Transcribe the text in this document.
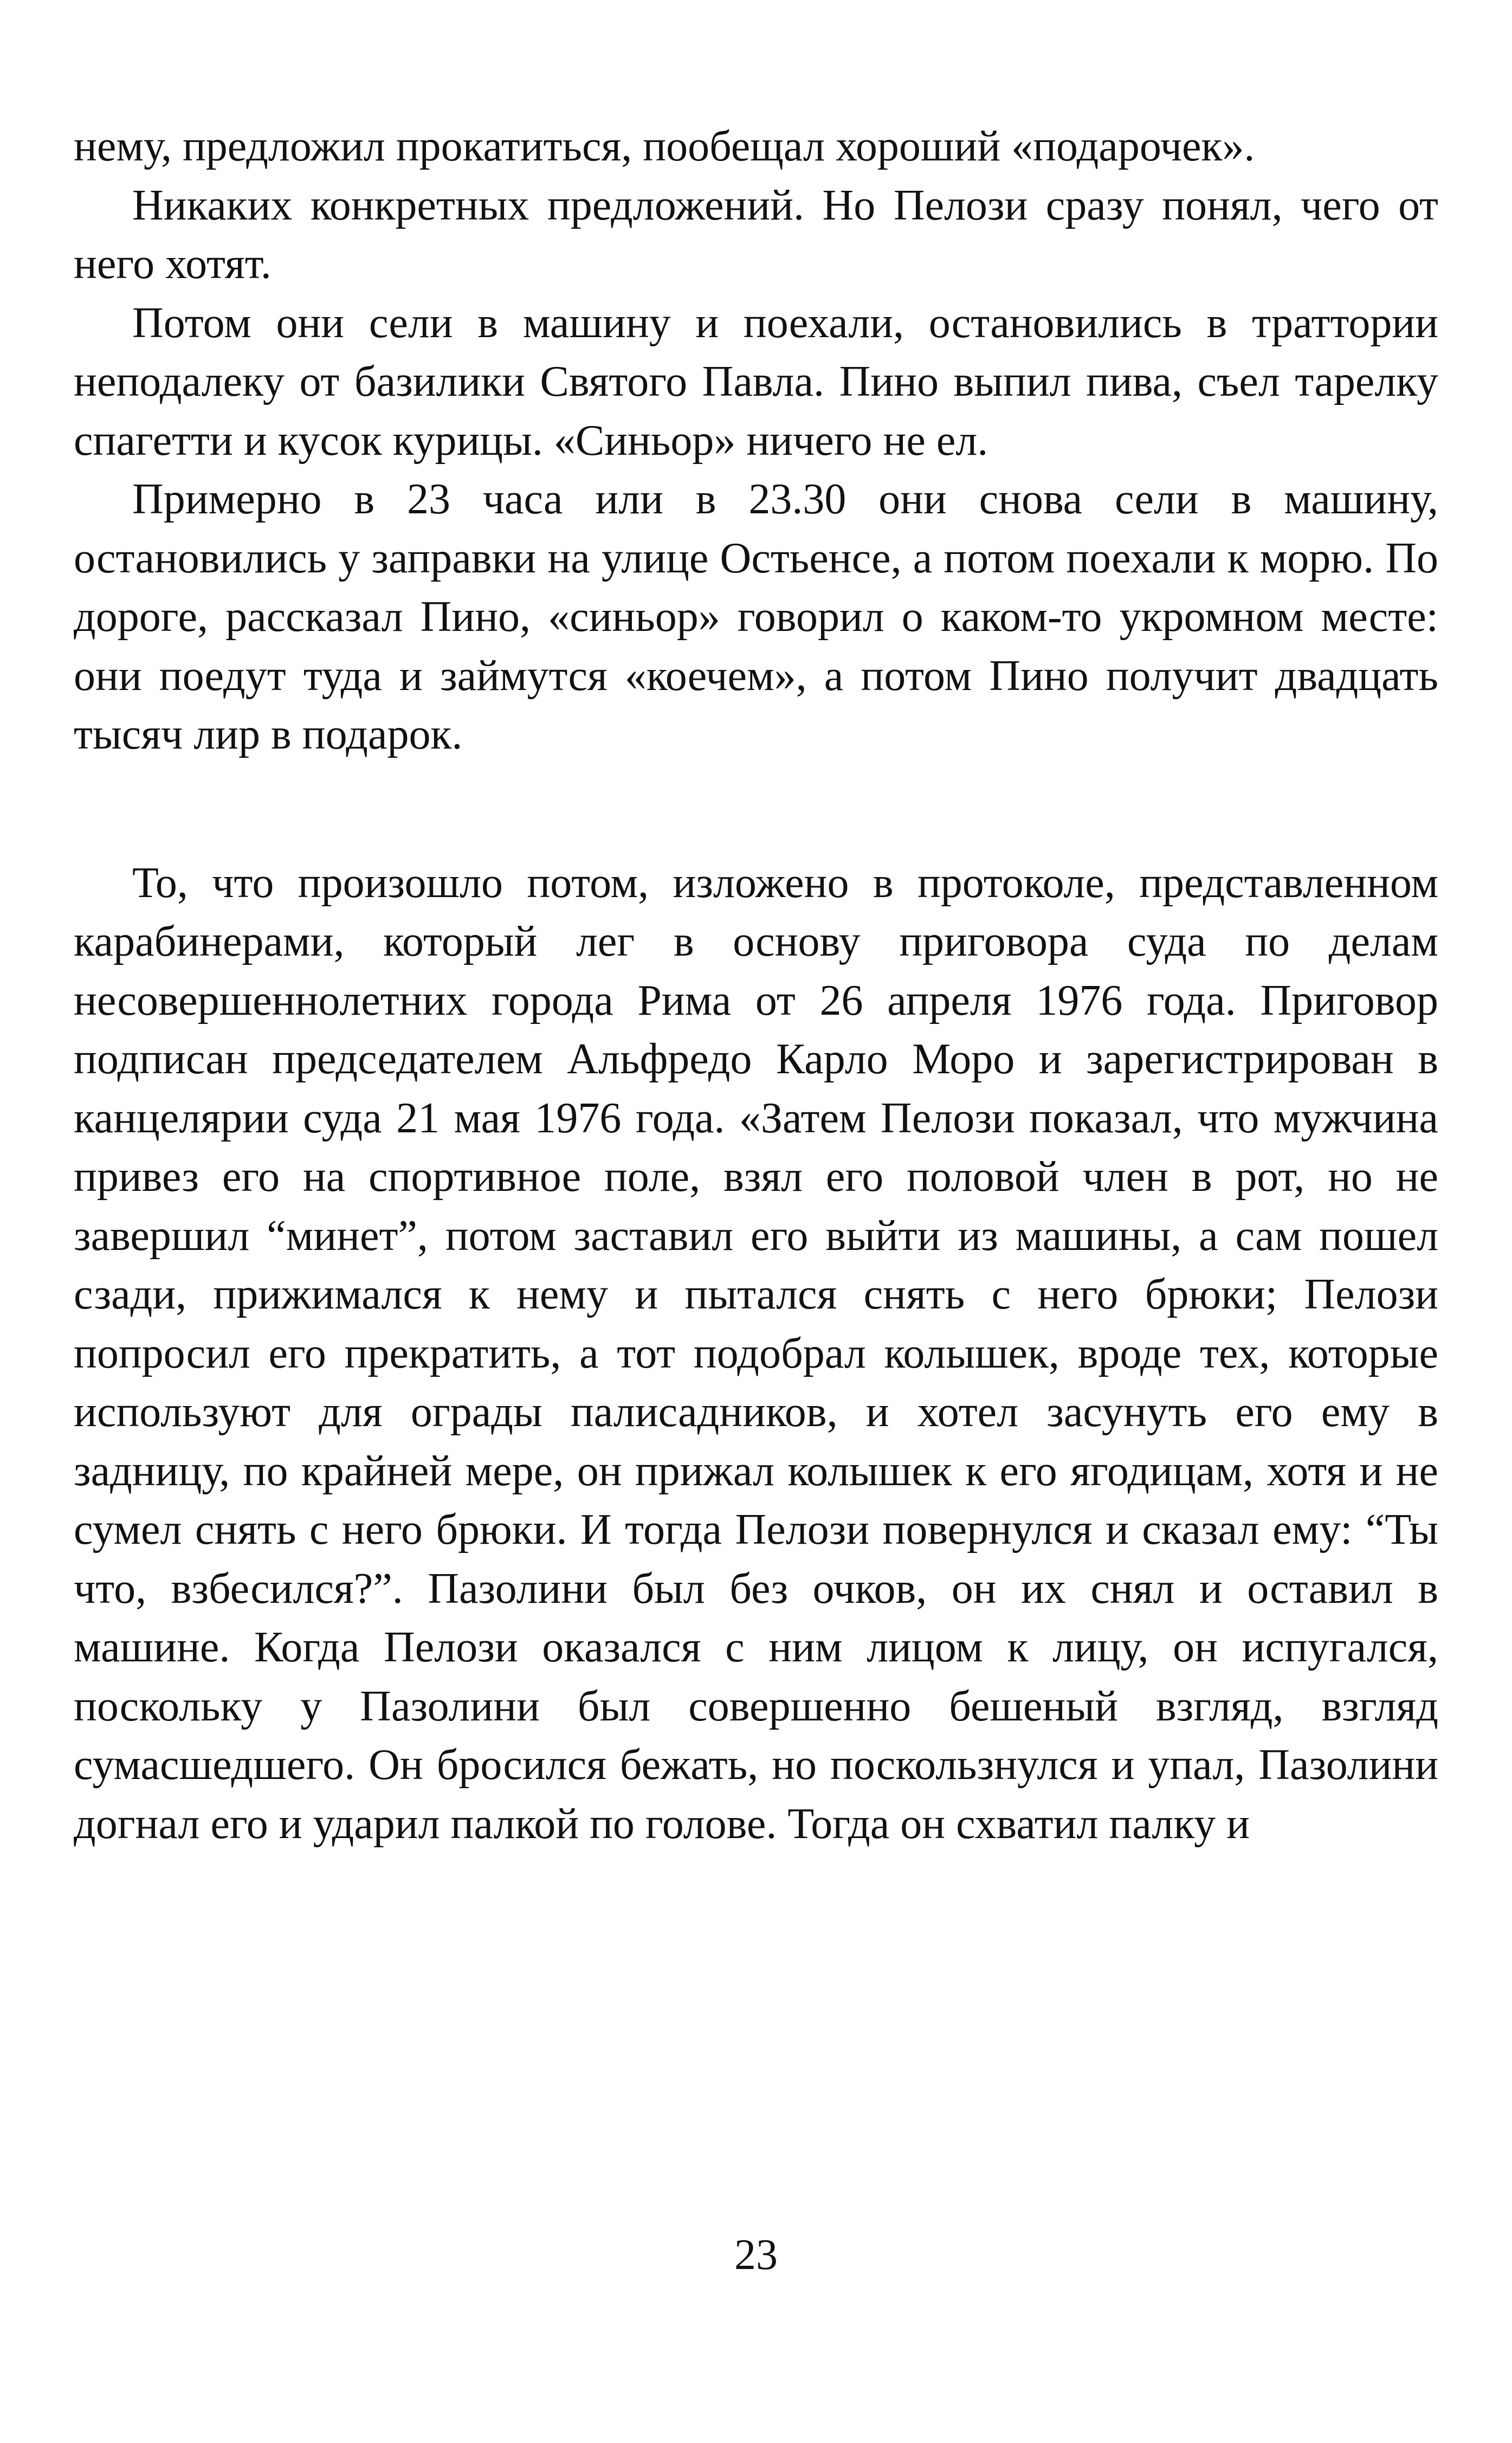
нему, предложил прокатиться, пообещал хороший «подарочек».

Никаких конкретных предложений. Но Пелози сразу понял, чего от него хотят.

Потом они сели в машину и поехали, остановились в траттории неподалеку от базилики Святого Павла. Пино выпил пива, съел тарелку спагетти и кусок курицы. «Синьор» ничего не ел.

Примерно в 23 часа или в 23.30 они снова сели в машину, остановились у заправки на улице Остьенсе, а потом поехали к морю. По дороге, рассказал Пино, «синьор» говорил о каком-то укромном месте: они поедут туда и займутся «коечем», а потом Пино получит двадцать тысяч лир в подарок.

То, что произошло потом, изложено в протоколе, представленном карабинерами, который лег в основу приговора суда по делам несовершеннолетних города Рима от 26 апреля 1976 года. Приговор подписан председателем Альфредо Карло Моро и зарегистрирован в канцелярии суда 21 мая 1976 года. «Затем Пелози показал, что мужчина привез его на спортивное поле, взял его половой член в рот, но не завершил “минет”, потом заставил его выйти из машины, а сам пошел сзади, прижимался к нему и пытался снять с него брюки; Пелози попросил его прекратить, а тот подобрал колышек, вроде тех, которые используют для ограды палисадников, и хотел засунуть его ему в задницу, по крайней мере, он прижал колышек к его ягодицам, хотя и не сумел снять с него брюки. И тогда Пелози повернулся и сказал ему: “Ты что, взбесился?”. Пазолини был без очков, он их снял и оставил в машине. Когда Пелози оказался с ним лицом к лицу, он испугался, поскольку у Пазолини был совершенно бешеный взгляд, взгляд сумасшедшего. Он бросился бежать, но поскользнулся и упал, Пазолини догнал его и ударил палкой по голове. Тогда он схватил палку и

23
